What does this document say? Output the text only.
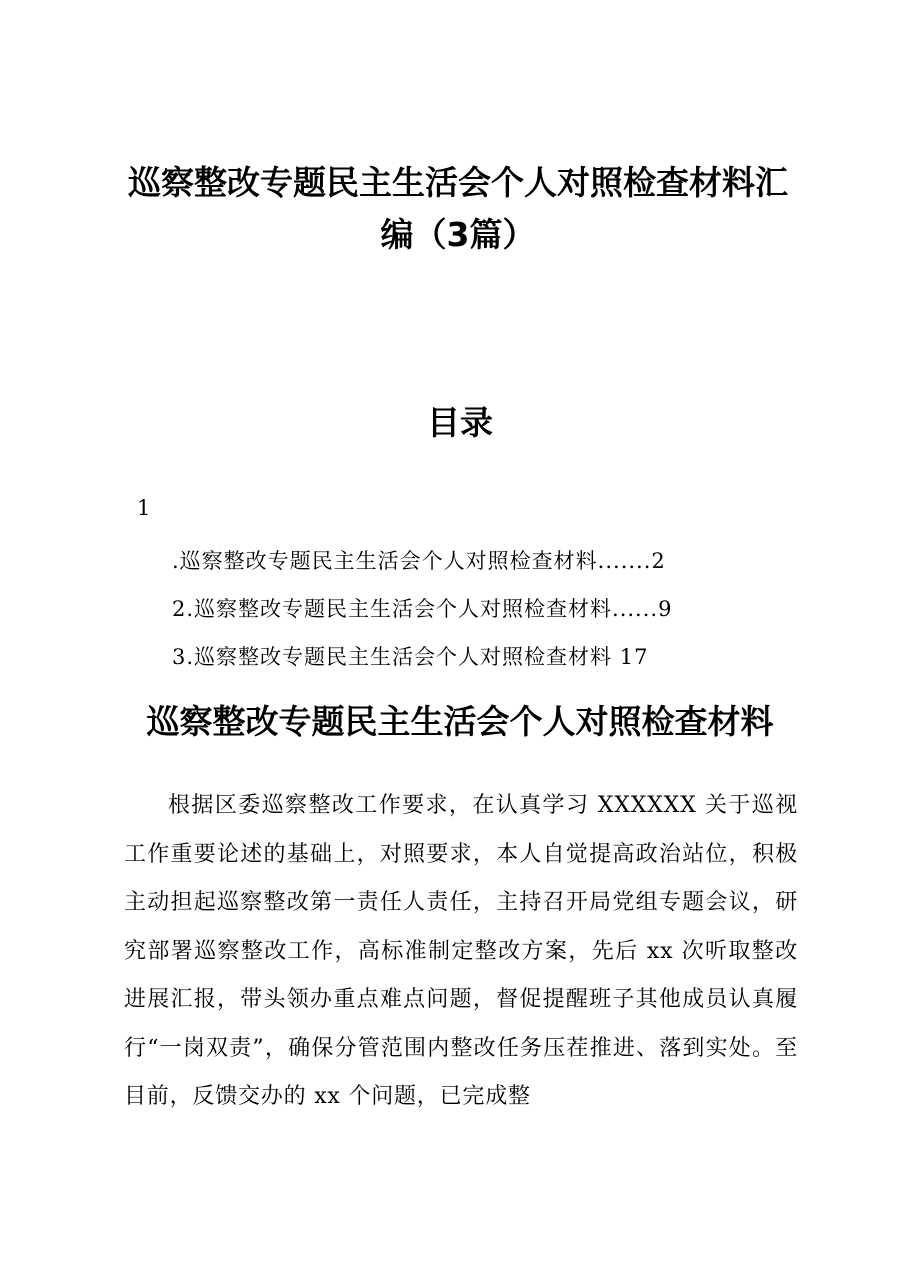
巡察整改专题民主生活会个人对照检查材料汇
编（3篇）
目录
1
.巡察整改专题民主生活会个人对照检查材料.......2
2.巡察整改专题民主生活会个人对照检查材料......9
3.巡察整改专题民主生活会个人对照检查材料 17
巡察整改专题民主生活会个人对照检查材料

根据区委巡察整改工作要求，在认真学习 XXXXXX 关于巡视工作重要论述的基础上，对照要求，本人自觉提高政治站位，积极主动担起巡察整改第一责任人责任，主持召开局党组专题会议，研究部署巡察整改工作，高标准制定整改方案，先后 xx 次听取整改进展汇报，带头领办重点难点问题，督促提醒班子其他成员认真履行“一岗双责”，确保分管范围内整改任务压茬推进、落到实处。至目前，反馈交办的 xx 个问题，已完成整
